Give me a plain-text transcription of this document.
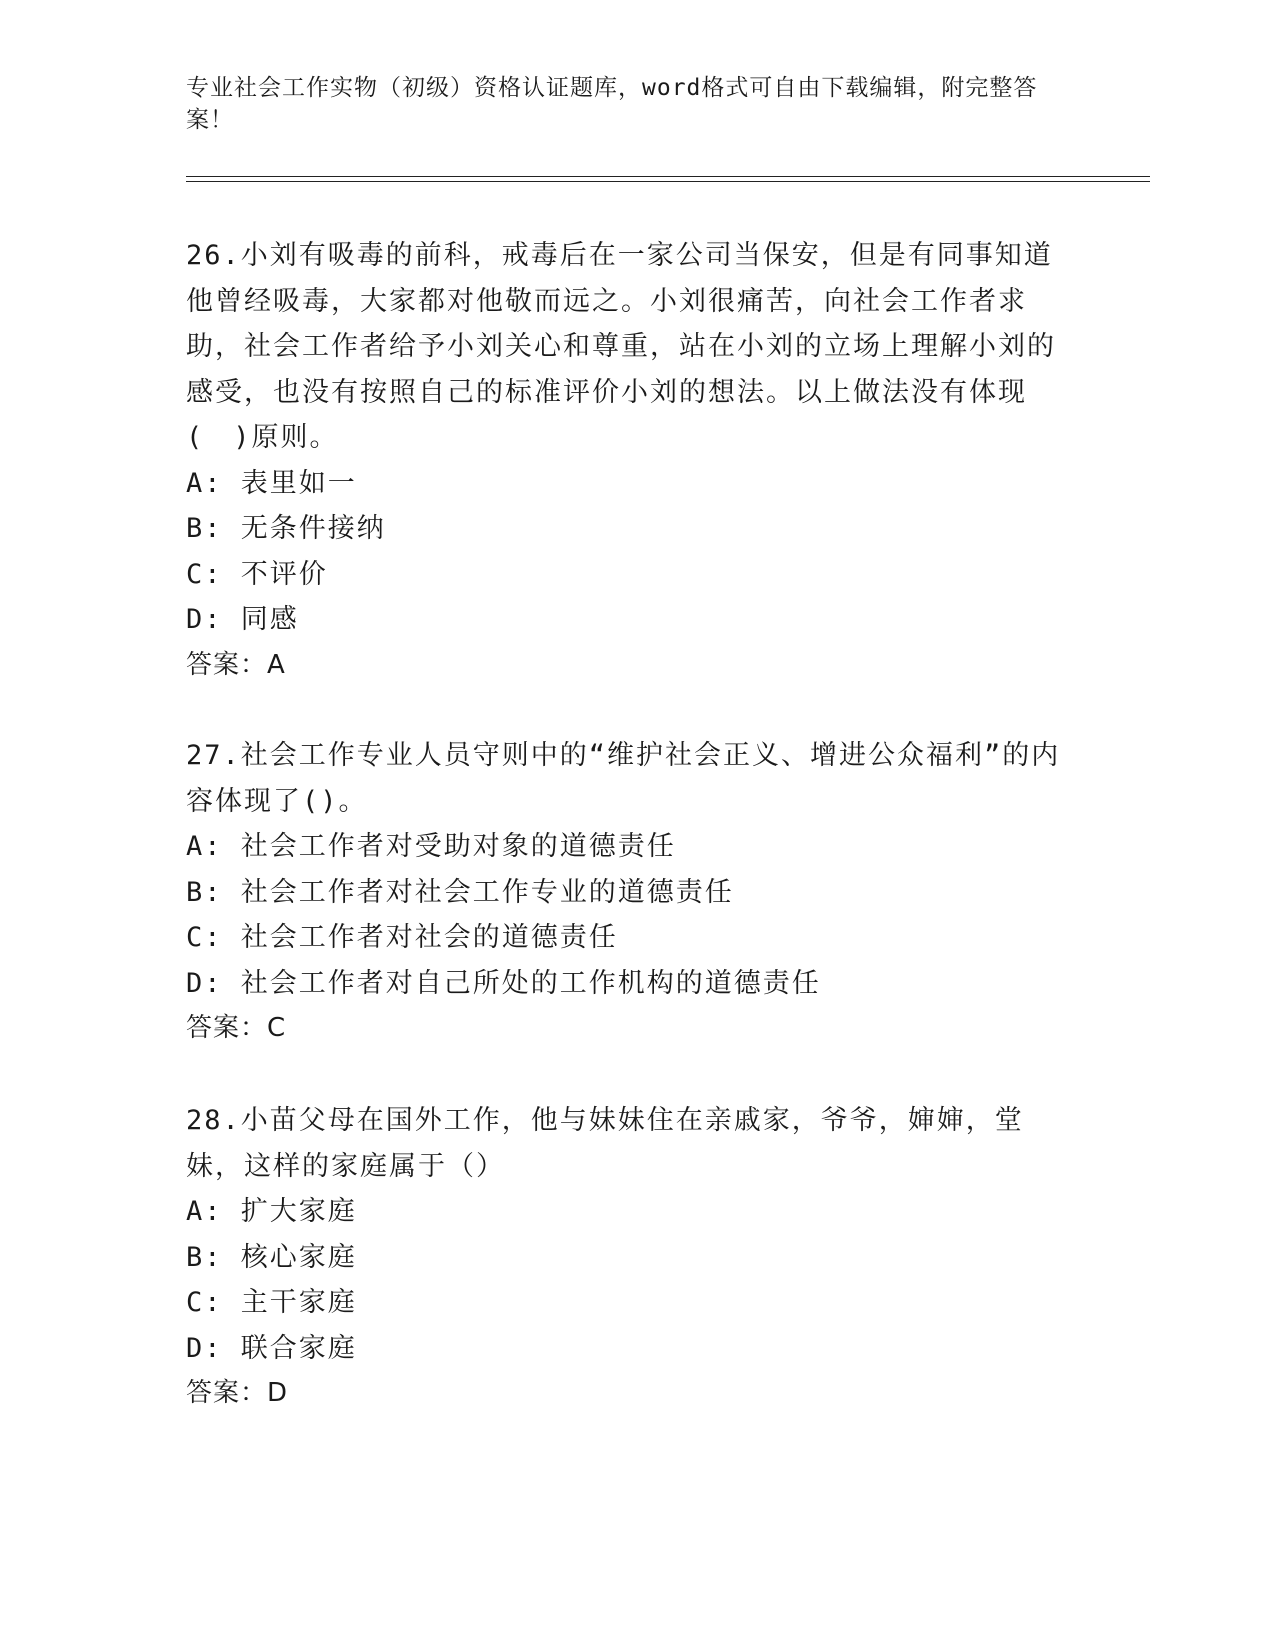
专业社会工作实物（初级）资格认证题库，word格式可自由下载编辑，附完整答案！

26.小刘有吸毒的前科，戒毒后在一家公司当保安，但是有同事知道他曾经吸毒，大家都对他敬而远之。小刘很痛苦，向社会工作者求助，社会工作者给予小刘关心和尊重，站在小刘的立场上理解小刘的感受，也没有按照自己的标准评价小刘的想法。以上做法没有体现(　)原则。

A: 表里如一

B: 无条件接纳

C: 不评价

D: 同感

答案：A

27.社会工作专业人员守则中的“维护社会正义、增进公众福利”的内容体现了()。

A: 社会工作者对受助对象的道德责任

B: 社会工作者对社会工作专业的道德责任

C: 社会工作者对社会的道德责任

D: 社会工作者对自己所处的工作机构的道德责任

答案：C

28.小苗父母在国外工作，他与妹妹住在亲戚家，爷爷，婶婶，堂妹，这样的家庭属于（）

A: 扩大家庭

B: 核心家庭

C: 主干家庭

D: 联合家庭

答案：D
